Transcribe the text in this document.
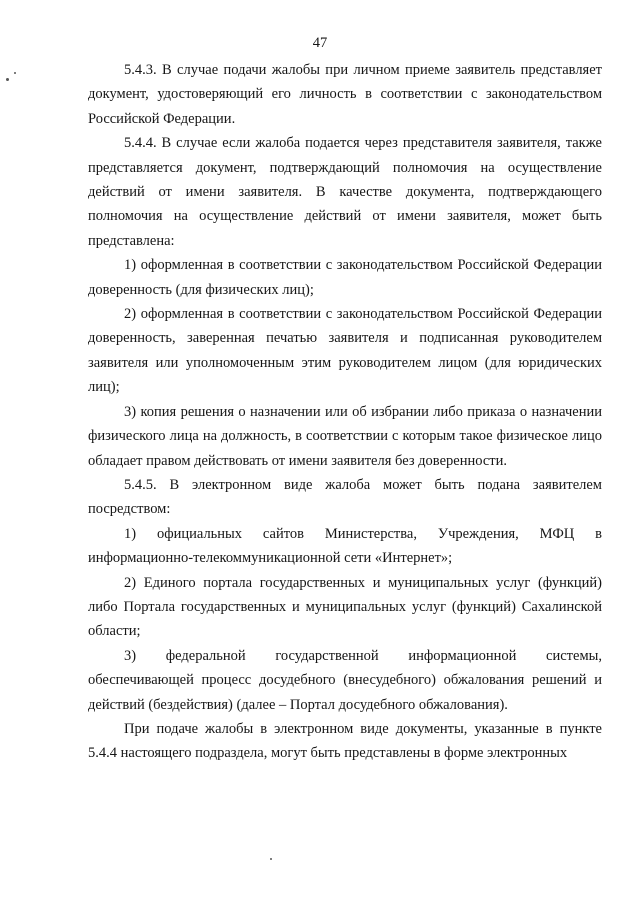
47

5.4.3. В случае подачи жалобы при личном приеме заявитель представляет документ, удостоверяющий его личность в соответствии с законодательством Российской Федерации.

5.4.4. В случае если жалоба подается через представителя заявителя, также представляется документ, подтверждающий полномочия на осуществление действий от имени заявителя. В качестве документа, подтверждающего полномочия на осуществление действий от имени заявителя, может быть представлена:

1) оформленная в соответствии с законодательством Российской Федерации доверенность (для физических лиц);

2) оформленная в соответствии с законодательством Российской Федерации доверенность, заверенная печатью заявителя и подписанная руководителем заявителя или уполномоченным этим руководителем лицом (для юридических лиц);

3) копия решения о назначении или об избрании либо приказа о назначении физического лица на должность, в соответствии с которым такое физическое лицо обладает правом действовать от имени заявителя без доверенности.

5.4.5. В электронном виде жалоба может быть подана заявителем посредством:

1) официальных сайтов Министерства, Учреждения, МФЦ в информационно-телекоммуникационной сети «Интернет»;

2) Единого портала государственных и муниципальных услуг (функций) либо Портала государственных и муниципальных услуг (функций) Сахалинской области;

3) федеральной государственной информационной системы, обеспечивающей процесс досудебного (внесудебного) обжалования решений и действий (бездействия) (далее – Портал досудебного обжалования).

При подаче жалобы в электронном виде документы, указанные в пункте 5.4.4 настоящего подраздела, могут быть представлены в форме электронных
